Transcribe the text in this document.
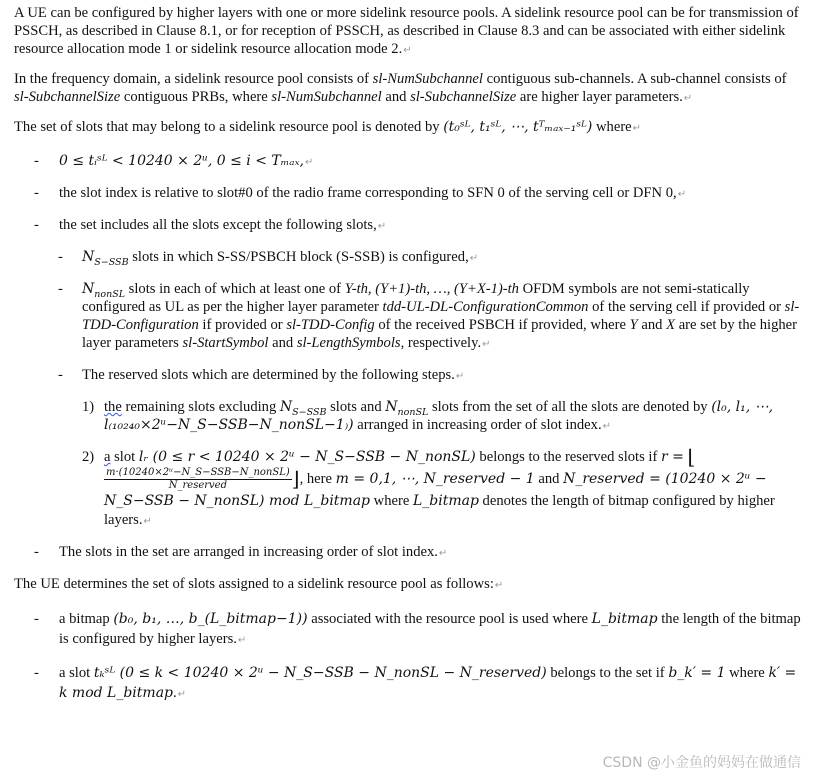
A UE can be configured by higher layers with one or more sidelink resource pools. A sidelink resource pool can be for transmission of PSSCH, as described in Clause 8.1, or for reception of PSSCH, as described in Clause 8.3 and can be associated with either sidelink resource allocation mode 1 or sidelink resource allocation mode 2.↵

In the frequency domain, a sidelink resource pool consists of sl-NumSubchannel contiguous sub-channels. A sub-channel consists of sl-SubchannelSize contiguous PRBs, where sl-NumSubchannel and sl-SubchannelSize are higher layer parameters.↵

The set of slots that may belong to a sidelink resource pool is denoted by (t₀ˢᴸ, t₁ˢᴸ, ⋯, tᵀₘₐₓ₋₁ˢᴸ) where↵

- 0 ≤ tᵢˢᴸ < 10240 × 2ᵘ, 0 ≤ i < Tₘₐₓ,↵
- the slot index is relative to slot#0 of the radio frame corresponding to SFN 0 of the serving cell or DFN 0,↵
- the set includes all the slots except the following slots,↵
- $N_{S-SSB}$ slots in which S-SS/PSBCH block (S-SSB) is configured,↵
- $N_{nonSL}$ slots in each of which at least one of Y-th, (Y+1)-th, …, (Y+X-1)-th OFDM symbols are not semi-statically configured as UL as per the higher layer parameter tdd-UL-DL-ConfigurationCommon of the serving cell if provided or sl-TDD-Configuration if provided or sl-TDD-Config of the received PSBCH if provided, where Y and X are set by the higher layer parameters sl-StartSymbol and sl-LengthSymbols, respectively.↵
- The reserved slots which are determined by the following steps.↵
1) the remaining slots excluding $N_{S-SSB}$ slots and $N_{nonSL}$ slots from the set of all the slots are denoted by (l₀, l₁, ⋯, l₍₁₀₂₄₀×2ᵘ−N_S−SSB−N_nonSL−1₎) arranged in increasing order of slot index.↵
2) a slot lᵣ (0 ≤ r < 10240 × 2ᵘ − N_S−SSB − N_nonSL) belongs to the reserved slots if r = ⌊
$\frac{\text{m·(10240×2ᵘ−N\_S−SSB−N\_nonSL)}}{\text{N\_reserved}}$ ⌋, here m = 0,1, ⋯, N_reserved − 1 and N_reserved = (10240 × 2ᵘ − N_S−SSB − N_nonSL) mod L_bitmap where L_bitmap denotes the length of bitmap configured by higher layers.↵
- The slots in the set are arranged in increasing order of slot index.↵

The UE determines the set of slots assigned to a sidelink resource pool as follows:↵

- a bitmap (b₀, b₁, …, b_(L_bitmap−1)) associated with the resource pool is used where L_bitmap the length of the bitmap is configured by higher layers.↵
- a slot tₖˢᴸ (0 ≤ k < 10240 × 2ᵘ − N_S−SSB − N_nonSL − N_reserved) belongs to the set if b_k′ = 1 where k′ = k mod L_bitmap.↵
CSDN @小金鱼的妈妈在做通信
